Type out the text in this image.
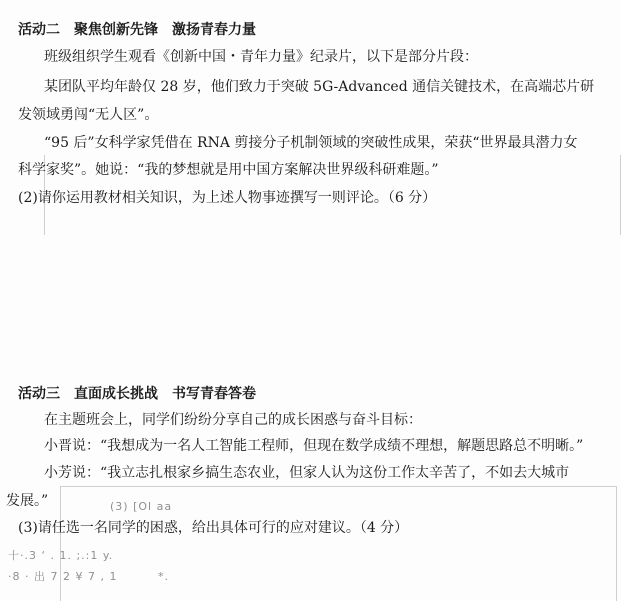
活动二　聚焦创新先锋　激扬青春力量
班级组织学生观看《创新中国・青年力量》纪录片，以下是部分片段：
某团队平均年龄仅 28 岁，他们致力于突破 5G-Advanced 通信关键技术，在高端芯片研
发领域勇闯“无人区”。
“95 后”女科学家凭借在 RNA 剪接分子机制领域的突破性成果，荣获“世界最具潜力女
科学家奖”。她说：“我的梦想就是用中国方案解决世界级科研难题。”
(2)请你运用教材相关知识，为上述人物事迹撰写一则评论。（6 分）
活动三　直面成长挑战　书写青春答卷
在主题班会上，同学们纷纷分享自己的成长困惑与奋斗目标：
小晋说：“我想成为一名人工智能工程师，但现在数学成绩不理想，解题思路总不明晰。”
小芳说：“我立志扎根家乡搞生态农业，但家人认为这份工作太辛苦了，不如去大城市
发展。”
(3)请任选一名同学的困惑，给出具体可行的应对建议。（4 分）
(3) [Ol aa
十·.3 ‘ . 1. ;.:1 y.
·8 · 出 7 2 ¥ 7 , 1	*.
